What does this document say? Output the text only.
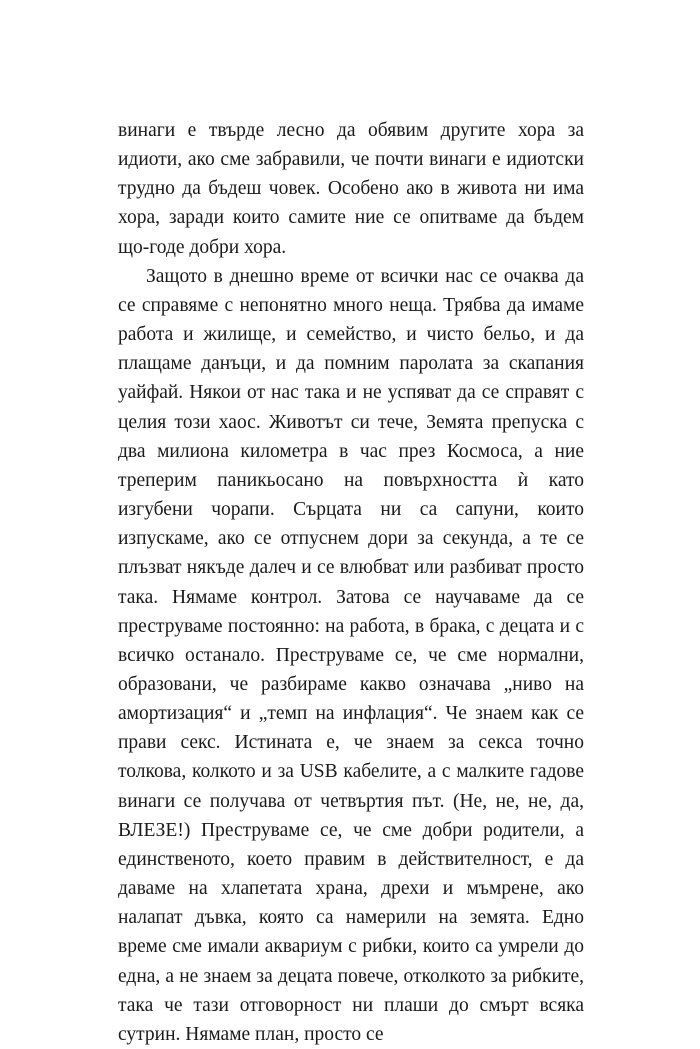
винаги е твърде лесно да обявим другите хора за идиоти, ако сме забравили, че почти винаги е идиотски трудно да бъдеш човек. Особено ако в живота ни има хора, заради които самите ние се опитваме да бъдем що-годе добри хора.

Защото в днешно време от всички нас се очаква да се справяме с непонятно много неща. Трябва да имаме работа и жилище, и семейство, и чисто бельо, и да плащаме данъци, и да помним паролата за скапания уайфай. Някои от нас така и не успяват да се справят с целия този хаос. Животът си тече, Земята препуска с два милиона километра в час през Космоса, а ние треперим паникьосано на повърхността ѝ като изгубени чорапи. Сърцата ни са сапуни, които изпускаме, ако се отпуснем дори за секунда, а те се плъзват някъде далеч и се влюбват или разбиват просто така. Нямаме контрол. Затова се научаваме да се преструваме постоянно: на работа, в брака, с децата и с всичко останало. Преструваме се, че сме нормални, образовани, че разбираме какво означава „ниво на амортизация“ и „темп на инфлация“. Че знаем как се прави секс. Истината е, че знаем за секса точно толкова, колкото и за USB кабелите, а с малките гадове винаги се получава от четвъртия път. (Не, не, не, да, ВЛЕЗЕ!) Преструваме се, че сме добри родители, а единственото, което правим в действителност, е да даваме на хлапетата храна, дрехи и мъмрене, ако налапат дъвка, която са намерили на земята. Едно време сме имали аквариум с рибки, които са умрели до една, а не знаем за децата повече, отколкото за рибките, така че тази отговорност ни плаши до смърт всяка сутрин. Нямаме план, просто се
